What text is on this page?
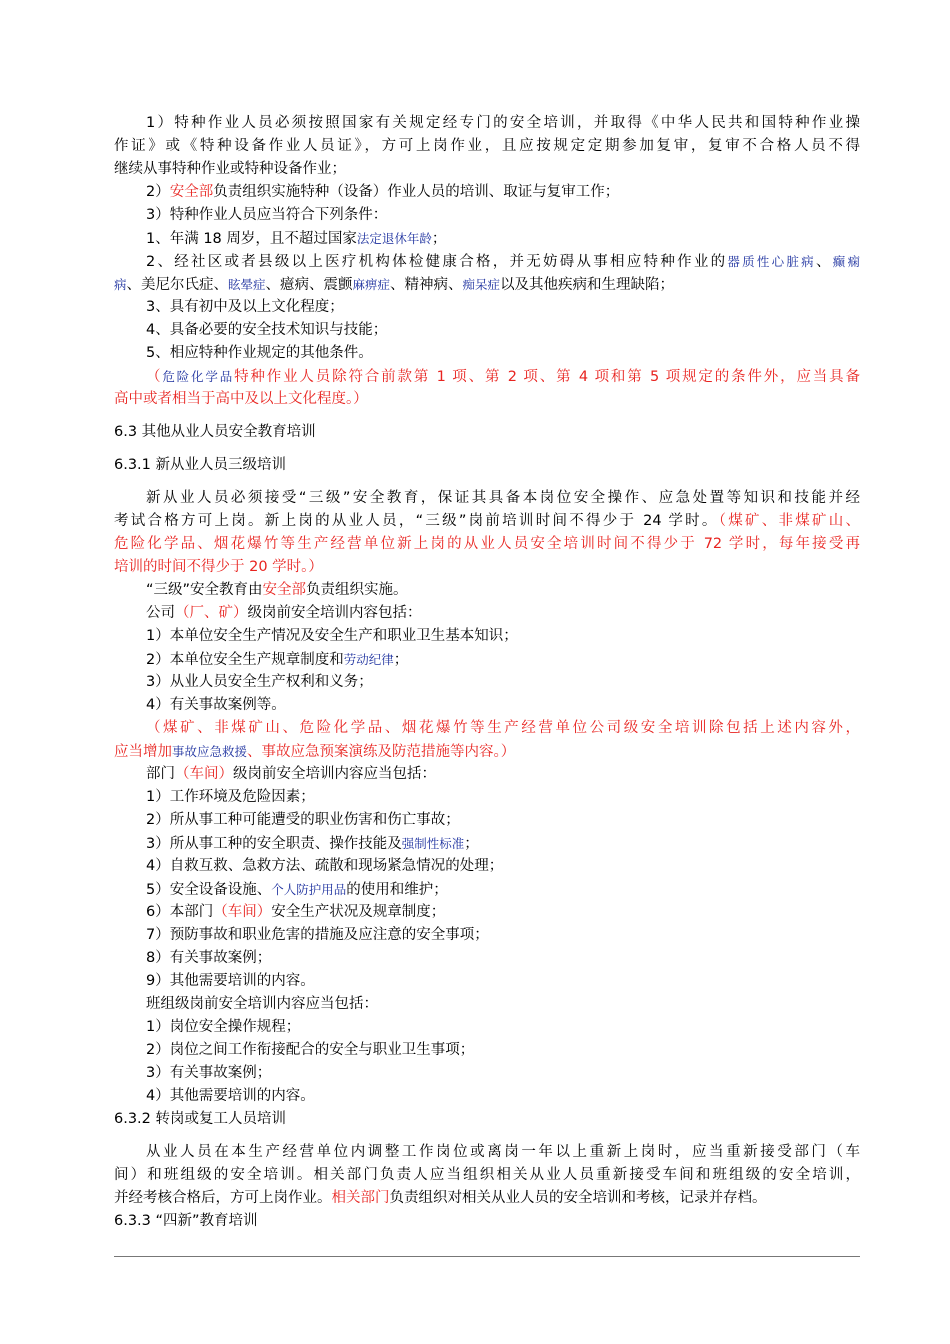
1）特种作业人员必须按照国家有关规定经专门的安全培训，并取得《中华人民共和国特种作业操
作证》或《特种设备作业人员证》，方可上岗作业，且应按规定定期参加复审，复审不合格人员不得
继续从事特种作业或特种设备作业；
2）安全部负责组织实施特种（设备）作业人员的培训、取证与复审工作；
3）特种作业人员应当符合下列条件：
1、年满 18 周岁，且不超过国家法定退休年龄；
2、经社区或者县级以上医疗机构体检健康合格，并无妨碍从事相应特种作业的器质性心脏病、癫痫
病、美尼尔氏症、眩晕症、癔病、震颤麻痹症、精神病、痴呆症以及其他疾病和生理缺陷；
3、具有初中及以上文化程度；
4、具备必要的安全技术知识与技能；
5、相应特种作业规定的其他条件。
（危险化学品特种作业人员除符合前款第 1 项、第 2 项、第 4 项和第 5 项规定的条件外，应当具备
高中或者相当于高中及以上文化程度。）
6.3 其他从业人员安全教育培训
6.3.1 新从业人员三级培训
新从业人员必须接受“三级”安全教育，保证其具备本岗位安全操作、应急处置等知识和技能并经
考试合格方可上岗。新上岗的从业人员，“三级”岗前培训时间不得少于 24 学时。（煤矿、非煤矿山、
危险化学品、烟花爆竹等生产经营单位新上岗的从业人员安全培训时间不得少于 72 学时，每年接受再
培训的时间不得少于 20 学时。）
“三级”安全教育由安全部负责组织实施。
公司（厂、矿）级岗前安全培训内容包括：
1）本单位安全生产情况及安全生产和职业卫生基本知识；
2）本单位安全生产规章制度和劳动纪律；
3）从业人员安全生产权利和义务；
4）有关事故案例等。
（煤矿、非煤矿山、危险化学品、烟花爆竹等生产经营单位公司级安全培训除包括上述内容外，
应当增加事故应急救援、事故应急预案演练及防范措施等内容。）
部门（车间）级岗前安全培训内容应当包括：
1）工作环境及危险因素；
2）所从事工种可能遭受的职业伤害和伤亡事故；
3）所从事工种的安全职责、操作技能及强制性标准；
4）自救互救、急救方法、疏散和现场紧急情况的处理；
5）安全设备设施、个人防护用品的使用和维护；
6）本部门（车间）安全生产状况及规章制度；
7）预防事故和职业危害的措施及应注意的安全事项；
8）有关事故案例；
9）其他需要培训的内容。
班组级岗前安全培训内容应当包括：
1）岗位安全操作规程；
2）岗位之间工作衔接配合的安全与职业卫生事项；
3）有关事故案例；
4）其他需要培训的内容。
6.3.2 转岗或复工人员培训
从业人员在本生产经营单位内调整工作岗位或离岗一年以上重新上岗时，应当重新接受部门（车
间）和班组级的安全培训。相关部门负责人应当组织相关从业人员重新接受车间和班组级的安全培训，
并经考核合格后，方可上岗作业。相关部门负责组织对相关从业人员的安全培训和考核，记录并存档。
6.3.3 “四新”教育培训
